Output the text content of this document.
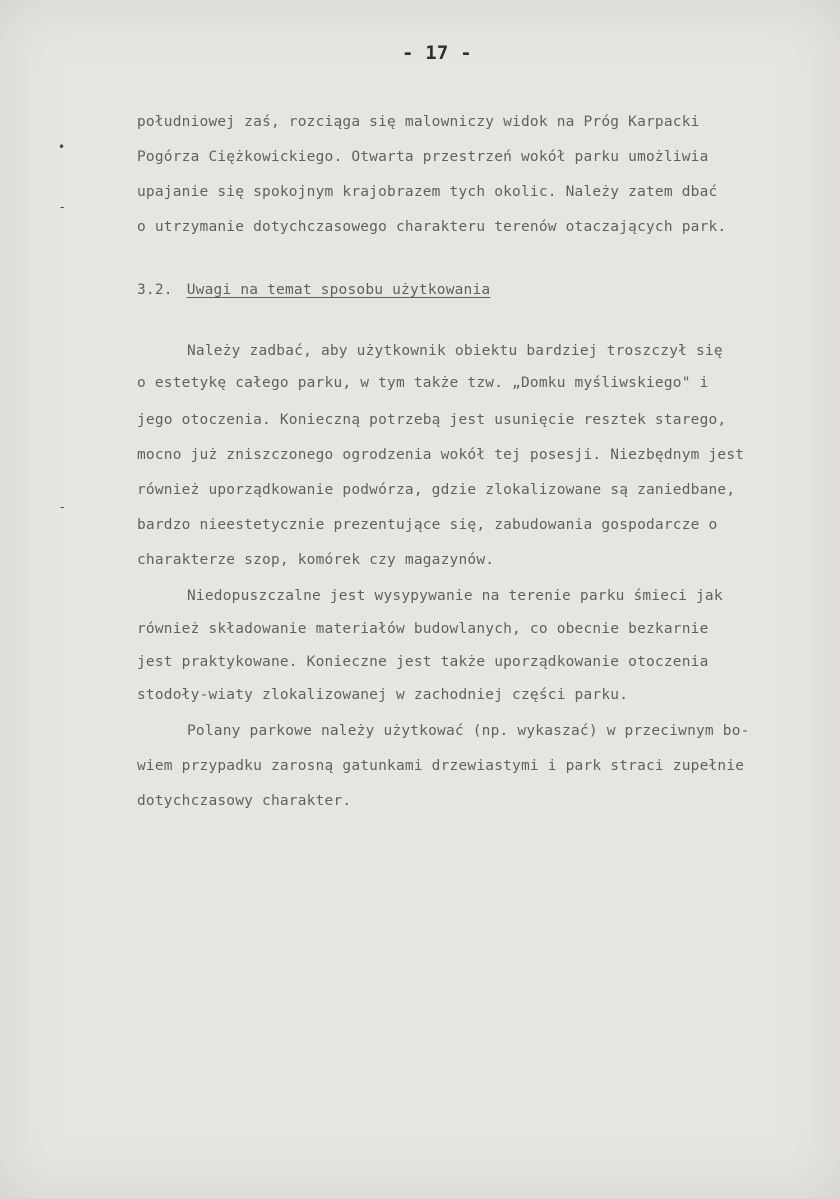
- 17 -
•
-
-
południowej zaś, rozciąga się malowniczy widok na Próg Karpacki
Pogórza Ciężkowickiego. Otwarta przestrzeń wokół parku umożliwia
upajanie się spokojnym krajobrazem tych okolic. Należy zatem dbać
o utrzymanie dotychczasowego charakteru terenów otaczających park.
3.2. Uwagi na temat sposobu użytkowania
Należy zadbać, aby użytkownik obiektu bardziej troszczył się
o estetykę całego parku, w tym także tzw. „Domku myśliwskiego" i
jego otoczenia. Konieczną potrzebą jest usunięcie resztek starego,
mocno już zniszczonego ogrodzenia wokół tej posesji. Niezbędnym jest
również uporządkowanie podwórza, gdzie zlokalizowane są zaniedbane,
bardzo nieestetycznie prezentujące się, zabudowania gospodarcze o
charakterze szop, komórek czy magazynów.
Niedopuszczalne jest wysypywanie na terenie parku śmieci jak
również składowanie materiałów budowlanych, co obecnie bezkarnie
jest praktykowane. Konieczne jest także uporządkowanie otoczenia
stodoły-wiaty zlokalizowanej w zachodniej części parku.
Polany parkowe należy użytkować (np. wykaszać) w przeciwnym bo-
wiem przypadku zarosną gatunkami drzewiastymi i park straci zupełnie
dotychczasowy charakter.
